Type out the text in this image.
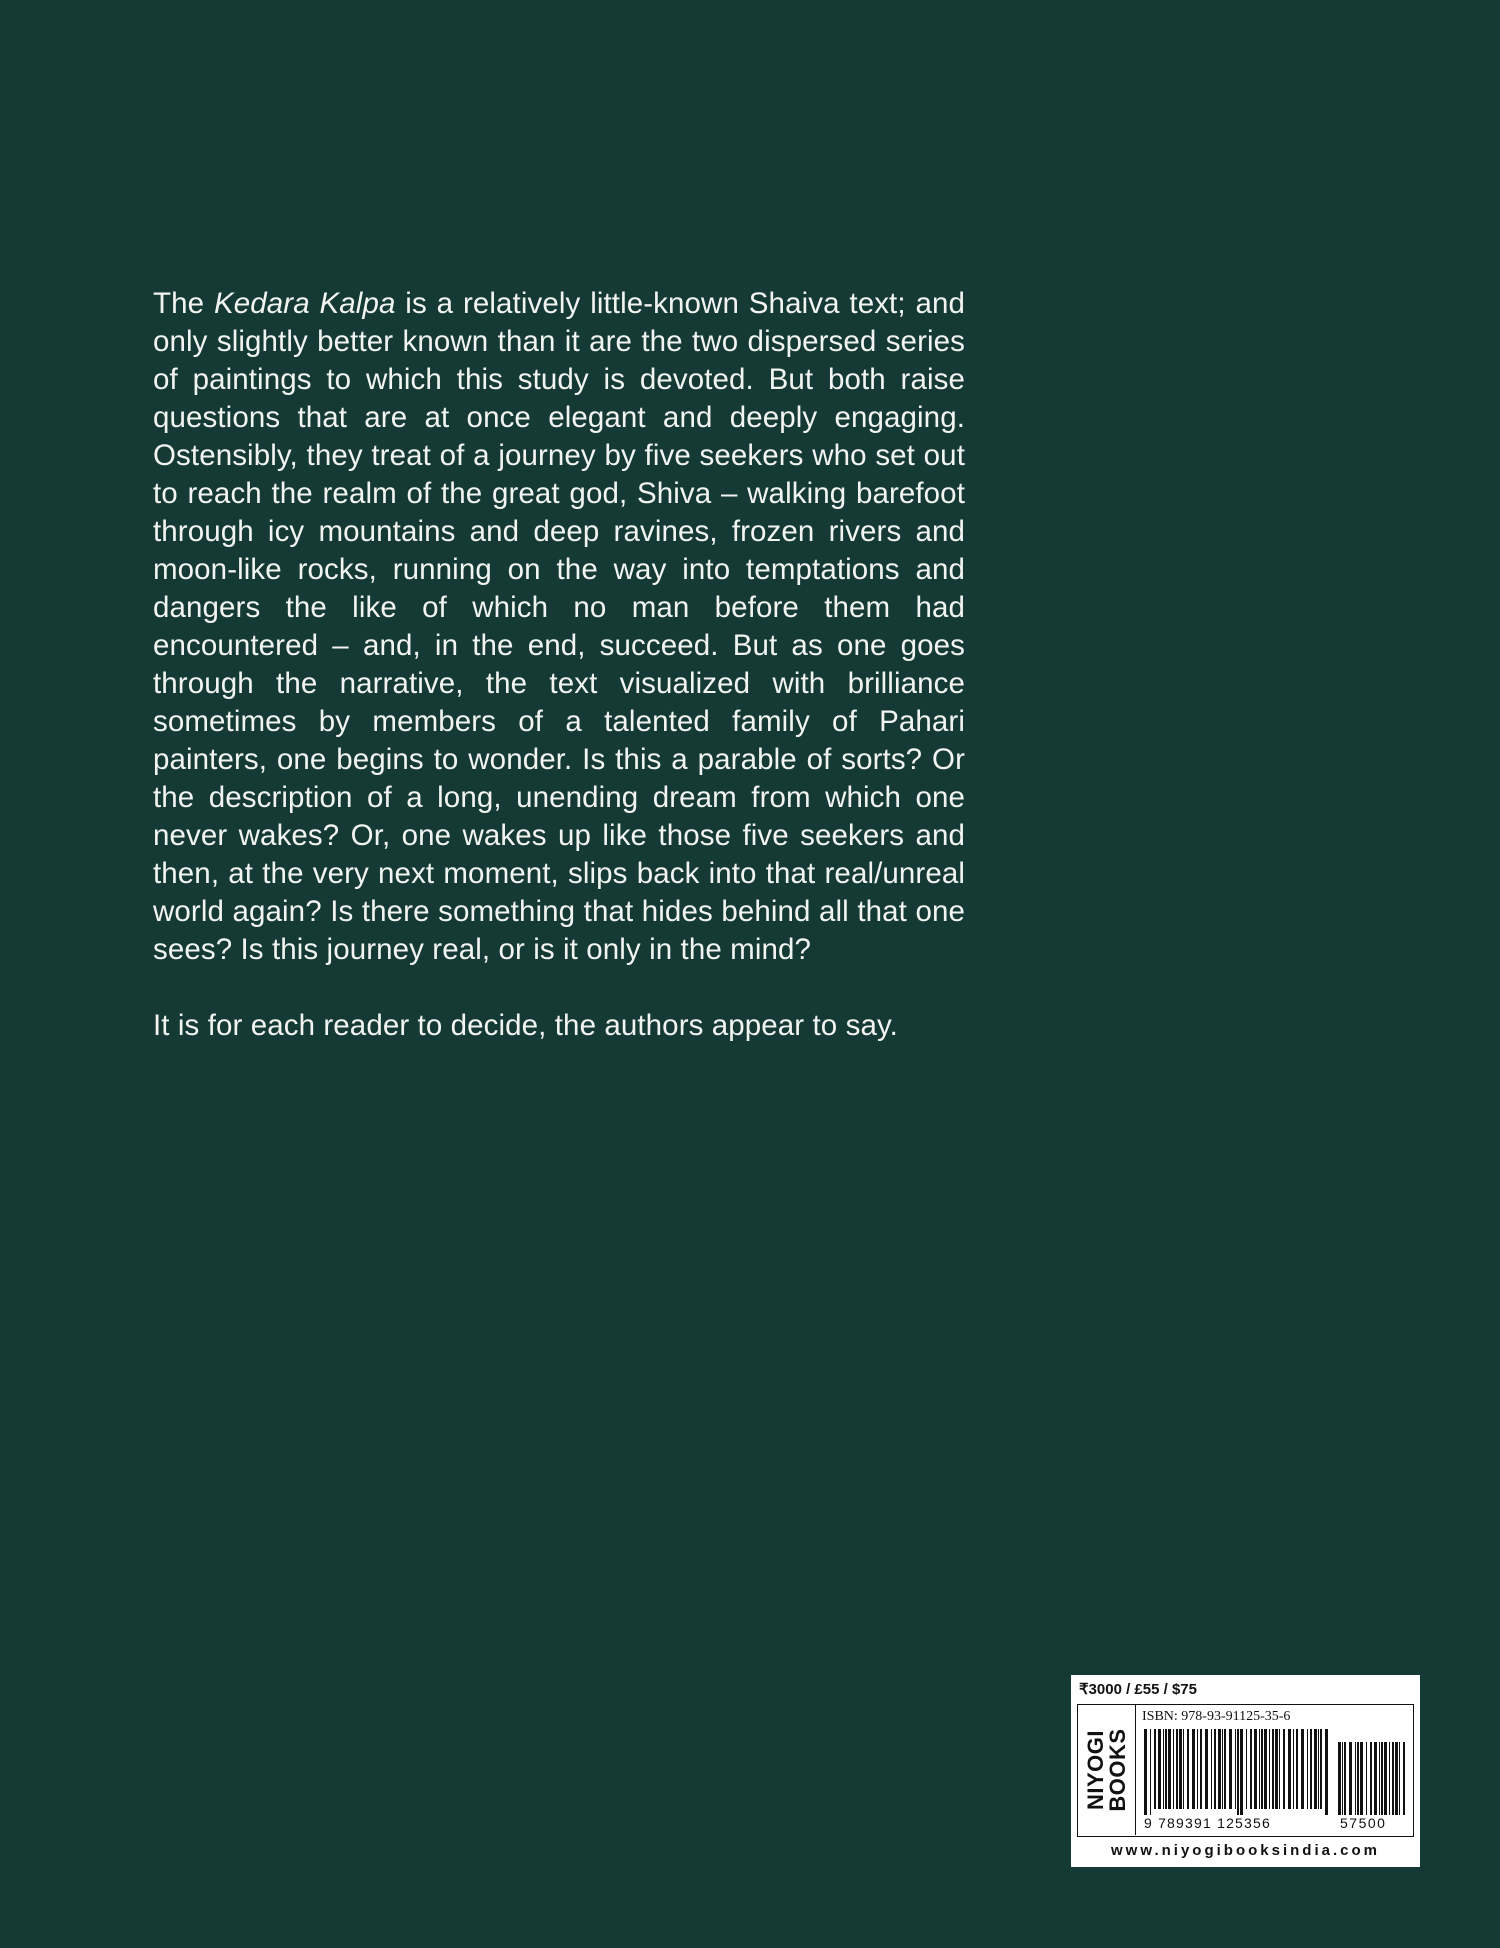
The Kedara Kalpa is a relatively little-known Shaiva text; and only slightly better known than it are the two dispersed series of paintings to which this study is devoted. But both raise questions that are at once elegant and deeply engaging. Ostensibly, they treat of a journey by five seekers who set out to reach the realm of the great god, Shiva – walking barefoot through icy mountains and deep ravines, frozen rivers and moon-like rocks, running on the way into temptations and dangers the like of which no man before them had encountered – and, in the end, succeed. But as one goes through the narrative, the text visualized with brilliance sometimes by members of a talented family of Pahari painters, one begins to wonder. Is this a parable of sorts? Or the description of a long, unending dream from which one never wakes? Or, one wakes up like those five seekers and then, at the very next moment, slips back into that real/unreal world again? Is there something that hides behind all that one sees? Is this journey real, or is it only in the mind?

It is for each reader to decide, the authors appear to say.

₹3000 / £55 / $75
NIYOGI
BOOKS
ISBN: 978-93-91125-35-6
9 789391 125356	57500
www.niyogibooksindia.com
